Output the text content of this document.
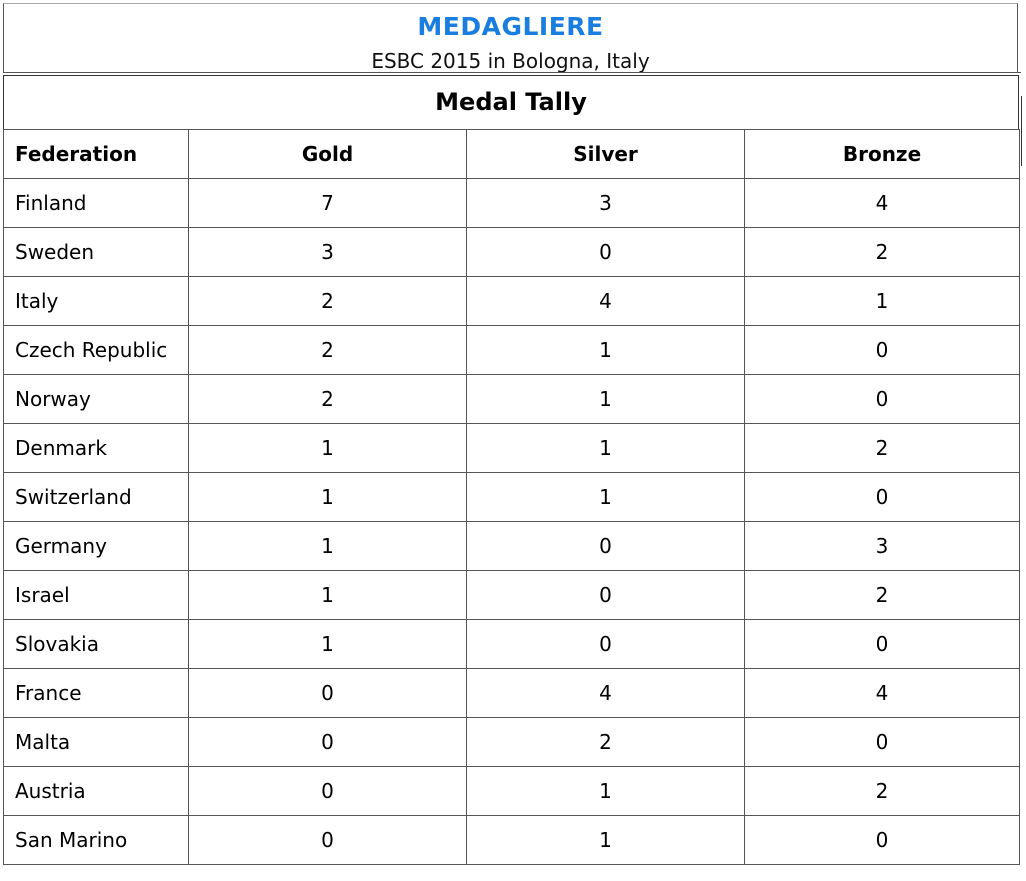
MEDAGLIERE
ESBC 2015 in Bologna, Italy
Medal Tally
Federation	Gold	Silver	Bronze
Finland	7	3	4
Sweden	3	0	2
Italy	2	4	1
Czech Republic	2	1	0
Norway	2	1	0
Denmark	1	1	2
Switzerland	1	1	0
Germany	1	0	3
Israel	1	0	2
Slovakia	1	0	0
France	0	4	4
Malta	0	2	0
Austria	0	1	2
San Marino	0	1	0
